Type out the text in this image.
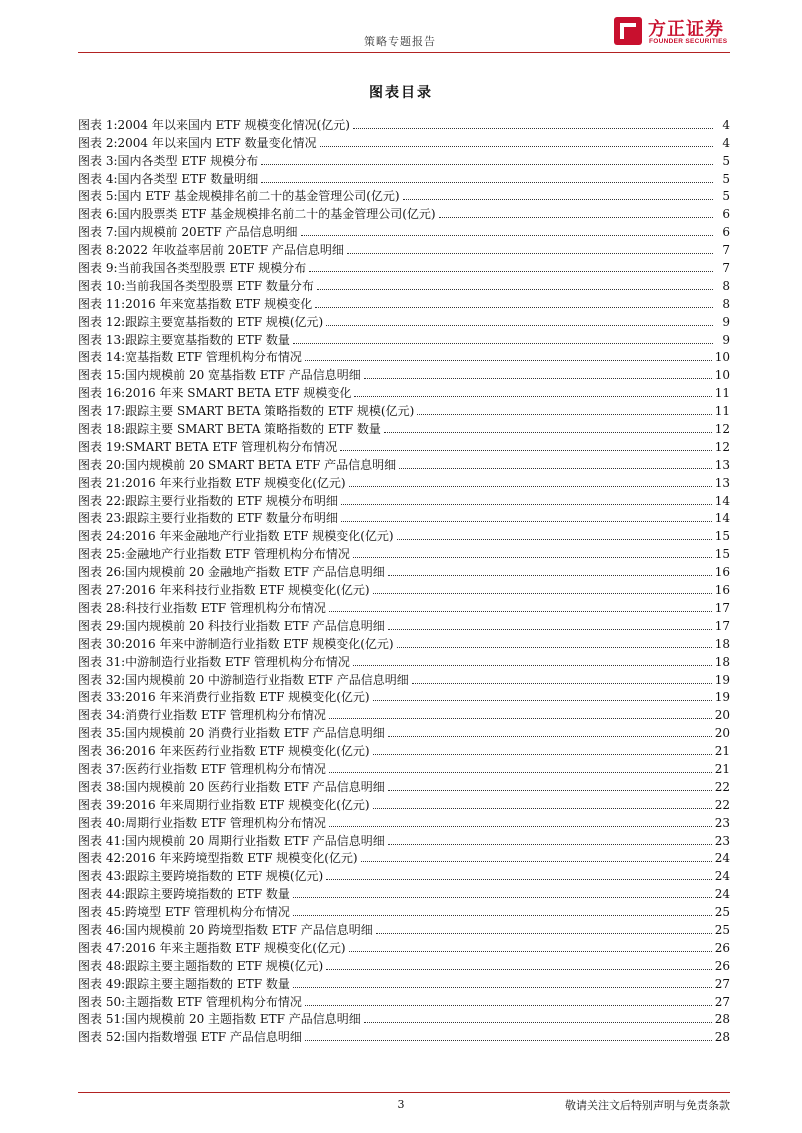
策略专题报告
方正证券
FOUNDER SECURITIES
图表目录
图表 1: 2004 年以来国内 ETF 规模变化情况(亿元)	4
图表 2: 2004 年以来国内 ETF 数量变化情况	4
图表 3: 国内各类型 ETF 规模分布	5
图表 4: 国内各类型 ETF 数量明细	5
图表 5: 国内 ETF 基金规模排名前二十的基金管理公司(亿元)	5
图表 6: 国内股票类 ETF 基金规模排名前二十的基金管理公司(亿元)	6
图表 7: 国内规模前 20ETF 产品信息明细	6
图表 8: 2022 年收益率居前 20ETF 产品信息明细	7
图表 9: 当前我国各类型股票 ETF 规模分布	7
图表 10: 当前我国各类型股票 ETF 数量分布	8
图表 11: 2016 年来宽基指数 ETF 规模变化	8
图表 12: 跟踪主要宽基指数的 ETF 规模(亿元)	9
图表 13: 跟踪主要宽基指数的 ETF 数量	9
图表 14: 宽基指数 ETF 管理机构分布情况	10
图表 15: 国内规模前 20 宽基指数 ETF 产品信息明细	10
图表 16: 2016 年来 SMART BETA ETF 规模变化	11
图表 17: 跟踪主要 SMART BETA 策略指数的 ETF 规模(亿元)	11
图表 18: 跟踪主要 SMART BETA 策略指数的 ETF 数量	12
图表 19: SMART BETA ETF 管理机构分布情况	12
图表 20: 国内规模前 20 SMART BETA ETF 产品信息明细	13
图表 21: 2016 年来行业指数 ETF 规模变化(亿元)	13
图表 22: 跟踪主要行业指数的 ETF 规模分布明细	14
图表 23: 跟踪主要行业指数的 ETF 数量分布明细	14
图表 24: 2016 年来金融地产行业指数 ETF 规模变化(亿元)	15
图表 25: 金融地产行业指数 ETF 管理机构分布情况	15
图表 26: 国内规模前 20 金融地产指数 ETF 产品信息明细	16
图表 27: 2016 年来科技行业指数 ETF 规模变化(亿元)	16
图表 28: 科技行业指数 ETF 管理机构分布情况	17
图表 29: 国内规模前 20 科技行业指数 ETF 产品信息明细	17
图表 30: 2016 年来中游制造行业指数 ETF 规模变化(亿元)	18
图表 31: 中游制造行业指数 ETF 管理机构分布情况	18
图表 32: 国内规模前 20 中游制造行业指数 ETF 产品信息明细	19
图表 33: 2016 年来消费行业指数 ETF 规模变化(亿元)	19
图表 34: 消费行业指数 ETF 管理机构分布情况	20
图表 35: 国内规模前 20 消费行业指数 ETF 产品信息明细	20
图表 36: 2016 年来医药行业指数 ETF 规模变化(亿元)	21
图表 37: 医药行业指数 ETF 管理机构分布情况	21
图表 38: 国内规模前 20 医药行业指数 ETF 产品信息明细	22
图表 39: 2016 年来周期行业指数 ETF 规模变化(亿元)	22
图表 40: 周期行业指数 ETF 管理机构分布情况	23
图表 41: 国内规模前 20 周期行业指数 ETF 产品信息明细	23
图表 42: 2016 年来跨境型指数 ETF 规模变化(亿元)	24
图表 43: 跟踪主要跨境指数的 ETF 规模(亿元)	24
图表 44: 跟踪主要跨境指数的 ETF 数量	24
图表 45: 跨境型 ETF 管理机构分布情况	25
图表 46: 国内规模前 20 跨境型指数 ETF 产品信息明细	25
图表 47: 2016 年来主题指数 ETF 规模变化(亿元)	26
图表 48: 跟踪主要主题指数的 ETF 规模(亿元)	26
图表 49: 跟踪主要主题指数的 ETF 数量	27
图表 50: 主题指数 ETF 管理机构分布情况	27
图表 51: 国内规模前 20 主题指数 ETF 产品信息明细	28
图表 52: 国内指数增强 ETF 产品信息明细	28
3	敬请关注文后特别声明与免责条款
